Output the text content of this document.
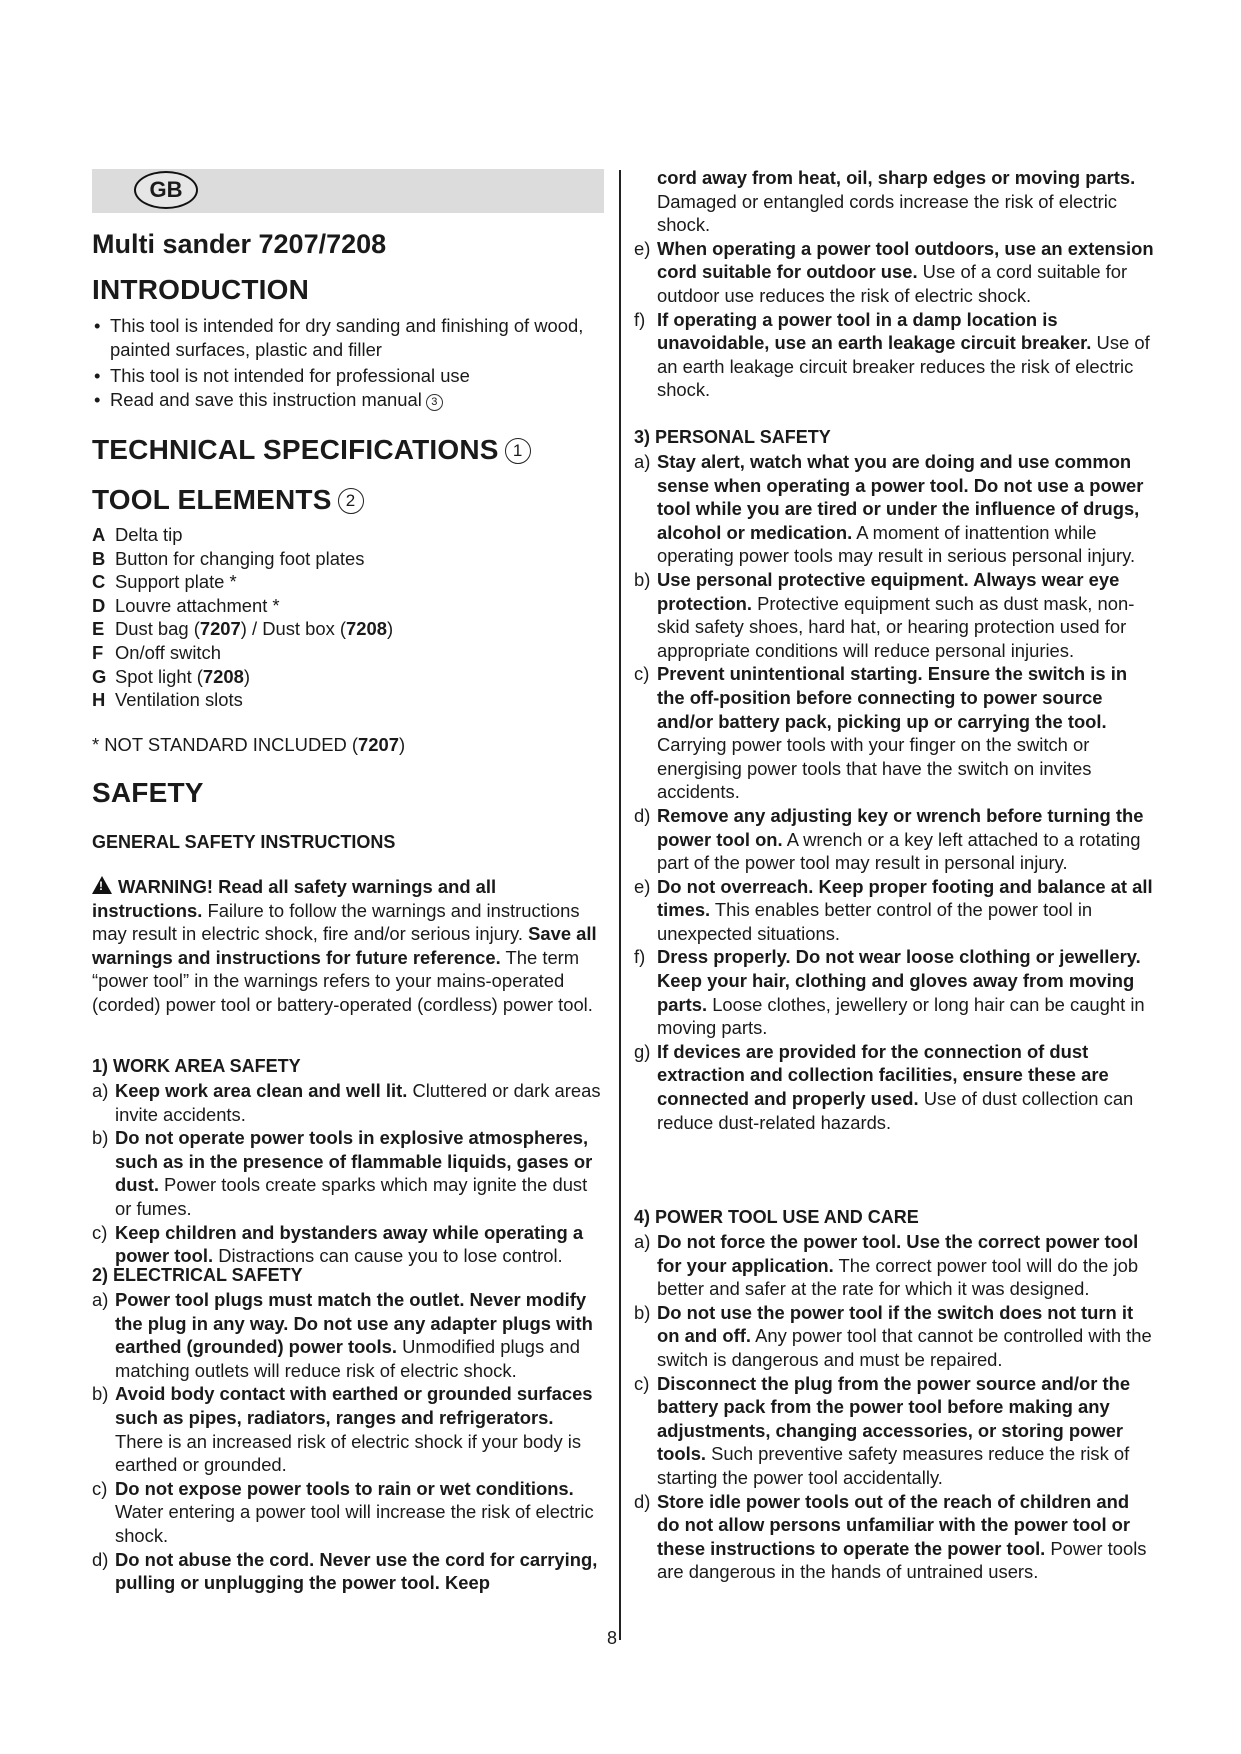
GB
Multi sander 7207/7208
INTRODUCTION
• This tool is intended for dry sanding and finishing of wood, painted surfaces, plastic and filler
• This tool is not intended for professional use
• Read and save this instruction manual 3
TECHNICAL SPECIFICATIONS 1
TOOL ELEMENTS 2
A Delta tip
B Button for changing foot plates
C Support plate *
D Louvre attachment *
E Dust bag (7207) / Dust box (7208)
F On/off switch
G Spot light (7208)
H Ventilation slots
* NOT STANDARD INCLUDED (7207)
SAFETY
GENERAL SAFETY INSTRUCTIONS
!WARNING! Read all safety warnings and all instructions. Failure to follow the warnings and instructions may result in electric shock, fire and/or serious injury. Save all warnings and instructions for future reference. The term “power tool” in the warnings refers to your mains-operated (corded) power tool or battery-operated (cordless) power tool.
1) WORK AREA SAFETY
a) Keep work area clean and well lit. Cluttered or dark areas invite accidents.
b) Do not operate power tools in explosive atmospheres, such as in the presence of flammable liquids, gases or dust. Power tools create sparks which may ignite the dust or fumes.
c) Keep children and bystanders away while operating a power tool. Distractions can cause you to lose control.
2) ELECTRICAL SAFETY
a) Power tool plugs must match the outlet. Never modify the plug in any way. Do not use any adapter plugs with earthed (grounded) power tools. Unmodified plugs and matching outlets will reduce risk of electric shock.
b) Avoid body contact with earthed or grounded surfaces such as pipes, radiators, ranges and refrigerators. There is an increased risk of electric shock if your body is earthed or grounded.
c) Do not expose power tools to rain or wet conditions. Water entering a power tool will increase the risk of electric shock.
d) Do not abuse the cord. Never use the cord for carrying, pulling or unplugging the power tool. Keep
cord away from heat, oil, sharp edges or moving parts. Damaged or entangled cords increase the risk of electric shock.
e) When operating a power tool outdoors, use an extension cord suitable for outdoor use. Use of a cord suitable for outdoor use reduces the risk of electric shock.
f) If operating a power tool in a damp location is unavoidable, use an earth leakage circuit breaker. Use of an earth leakage circuit breaker reduces the risk of electric shock.
3) PERSONAL SAFETY
a) Stay alert, watch what you are doing and use common sense when operating a power tool. Do not use a power tool while you are tired or under the influence of drugs, alcohol or medication. A moment of inattention while operating power tools may result in serious personal injury.
b) Use personal protective equipment. Always wear eye protection. Protective equipment such as dust mask, non-skid safety shoes, hard hat, or hearing protection used for appropriate conditions will reduce personal injuries.
c) Prevent unintentional starting. Ensure the switch is in the off-position before connecting to power source and/or battery pack, picking up or carrying the tool. Carrying power tools with your finger on the switch or energising power tools that have the switch on invites accidents.
d) Remove any adjusting key or wrench before turning the power tool on. A wrench or a key left attached to a rotating part of the power tool may result in personal injury.
e) Do not overreach. Keep proper footing and balance at all times. This enables better control of the power tool in unexpected situations.
f) Dress properly. Do not wear loose clothing or jewellery. Keep your hair, clothing and gloves away from moving parts. Loose clothes, jewellery or long hair can be caught in moving parts.
g) If devices are provided for the connection of dust extraction and collection facilities, ensure these are connected and properly used. Use of dust collection can reduce dust-related hazards.
4) POWER TOOL USE AND CARE
a) Do not force the power tool. Use the correct power tool for your application. The correct power tool will do the job better and safer at the rate for which it was designed.
b) Do not use the power tool if the switch does not turn it on and off. Any power tool that cannot be controlled with the switch is dangerous and must be repaired.
c) Disconnect the plug from the power source and/or the battery pack from the power tool before making any adjustments, changing accessories, or storing power tools. Such preventive safety measures reduce the risk of starting the power tool accidentally.
d) Store idle power tools out of the reach of children and do not allow persons unfamiliar with the power tool or these instructions to operate the power tool. Power tools are dangerous in the hands of untrained users.
8
